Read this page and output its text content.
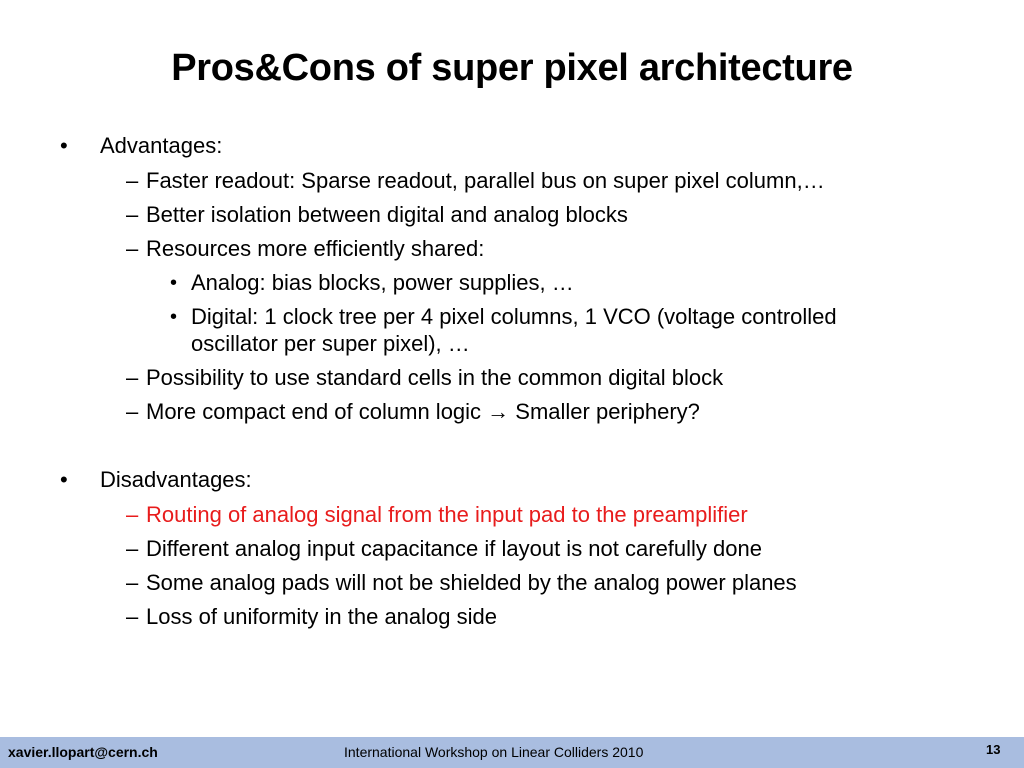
Pros&Cons of super pixel architecture
• Advantages:
– Faster readout: Sparse readout, parallel bus on super pixel column,…
– Better isolation between digital and analog blocks
– Resources more efficiently shared:
• Analog: bias blocks, power supplies, …
• Digital: 1 clock tree per 4 pixel columns, 1 VCO (voltage controlled
oscillator per super pixel), …
– Possibility to use standard cells in the common digital block
– More compact end of column logic → Smaller periphery?
• Disadvantages:
– Routing of analog signal from the input pad to the preamplifier
– Different analog input capacitance if layout is not carefully done
– Some analog pads will not be shielded by the analog power planes
– Loss of uniformity in the analog side
xavier.llopart@cern.ch	International Workshop on Linear Colliders 2010	13
